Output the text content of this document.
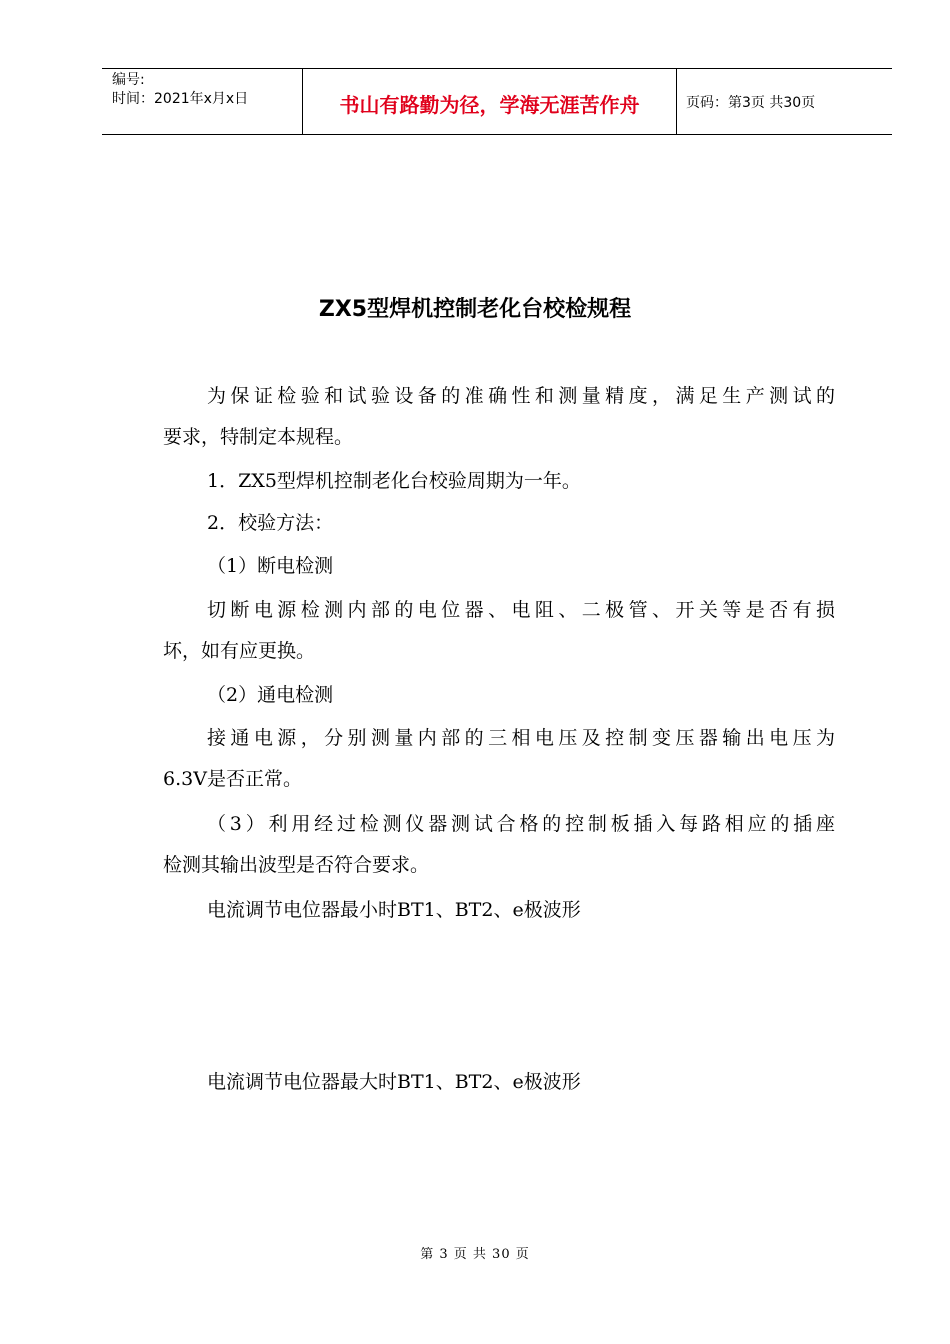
编号:
时间：2021年x月x日	书山有路勤为径，学海无涯苦作舟	页码：第3页 共30页
ZX5型焊机控制老化台校检规程
为保证检验和试验设备的准确性和测量精度，满足生产测试的
要求，特制定本规程。

1．ZX5型焊机控制老化台校验周期为一年。

2．校验方法：

（1）断电检测

切断电源检测内部的电位器、电阻、二极管、开关等是否有损
坏，如有应更换。

（2）通电检测

接通电源，分别测量内部的三相电压及控制变压器输出电压为
6.3V是否正常。
（3）利用经过检测仪器测试合格的控制板插入每路相应的插座
检测其输出波型是否符合要求。

电流调节电位器最小时BT1、BT2、e极波形

电流调节电位器最大时BT1、BT2、e极波形

第 3 页 共 30 页
